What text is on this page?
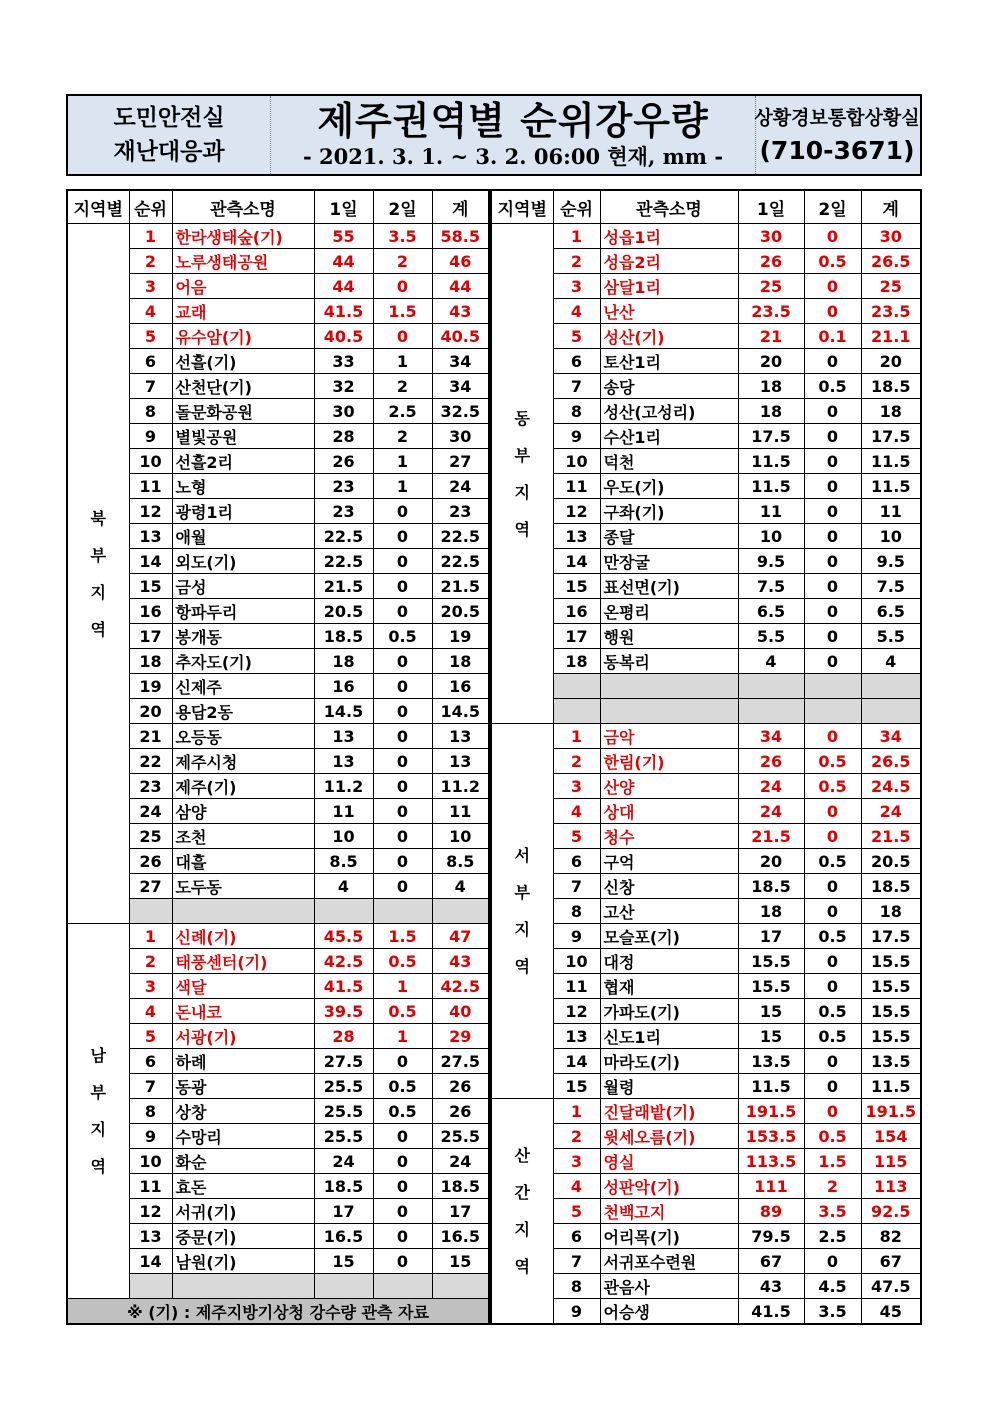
도민안전실
재난대응과
제주권역별 순위강우량
- 2021. 3. 1. ~ 3. 2. 06:00 현재, mm -
상황경보통합상황실
(710-3671)
지역별	순위	관측소명	1일	2일	계

북
부
지
역	1	한라생태숲(기)	55	3.5	58.5
	2	노루생태공원	44	2	46
	3	어음	44	0	44
	4	교래	41.5	1.5	43
	5	유수암(기)	40.5	0	40.5
	6	선흘(기)	33	1	34
	7	산천단(기)	32	2	34
	8	돌문화공원	30	2.5	32.5
	9	별빛공원	28	2	30
	10	선흘2리	26	1	27
	11	노형	23	1	24
	12	광령1리	23	0	23
	13	애월	22.5	0	22.5
	14	외도(기)	22.5	0	22.5
	15	금성	21.5	0	21.5
	16	항파두리	20.5	0	20.5
	17	봉개동	18.5	0.5	19
	18	추자도(기)	18	0	18
	19	신제주	16	0	16
	20	용담2동	14.5	0	14.5
	21	오등동	13	0	13
	22	제주시청	13	0	13
	23	제주(기)	11.2	0	11.2
	24	삼양	11	0	11
	25	조천	10	0	10
	26	대흘	8.5	0	8.5
	27	도두동	4	0	4

남
부
지
역	1	신례(기)	45.5	1.5	47
	2	태풍센터(기)	42.5	0.5	43
	3	색달	41.5	1	42.5
	4	돈내코	39.5	0.5	40
	5	서광(기)	28	1	29
	6	하례	27.5	0	27.5
	7	동광	25.5	0.5	26
	8	상창	25.5	0.5	26
	9	수망리	25.5	0	25.5
	10	화순	24	0	24
	11	효돈	18.5	0	18.5
	12	서귀(기)	17	0	17
	13	중문(기)	16.5	0	16.5
	14	남원(기)	15	0	15

※ (기) : 제주지방기상청 강수량 관측 자료					
지역별	순위	관측소명	1일	2일	계

동
부
지
역	1	성읍1리	30	0	30
	2	성읍2리	26	0.5	26.5
	3	삼달1리	25	0	25
	4	난산	23.5	0	23.5
	5	성산(기)	21	0.1	21.1
	6	토산1리	20	0	20
	7	송당	18	0.5	18.5
	8	성산(고성리)	18	0	18
	9	수산1리	17.5	0	17.5
	10	덕천	11.5	0	11.5
	11	우도(기)	11.5	0	11.5
	12	구좌(기)	11	0	11
	13	종달	10	0	10
	14	만장굴	9.5	0	9.5
	15	표선면(기)	7.5	0	7.5
	16	온평리	6.5	0	6.5
	17	행원	5.5	0	5.5
	18	동복리	4	0	4

서
부
지
역	1	금악	34	0	34
	2	한림(기)	26	0.5	26.5
	3	산양	24	0.5	24.5
	4	상대	24	0	24
	5	청수	21.5	0	21.5
	6	구억	20	0.5	20.5
	7	신창	18.5	0	18.5
	8	고산	18	0	18
	9	모슬포(기)	17	0.5	17.5
	10	대정	15.5	0	15.5
	11	협재	15.5	0	15.5
	12	가파도(기)	15	0.5	15.5
	13	신도1리	15	0.5	15.5
	14	마라도(기)	13.5	0	13.5
	15	월령	11.5	0	11.5

산
간
지
역	1	진달래밭(기)	191.5	0	191.5
	2	윗세오름(기)	153.5	0.5	154
	3	영실	113.5	1.5	115
	4	성판악(기)	111	2	113
	5	천백고지	89	3.5	92.5
	6	어리목(기)	79.5	2.5	82
	7	서귀포수련원	67	0	67
	8	관음사	43	4.5	47.5
	9	어승생	41.5	3.5	45
